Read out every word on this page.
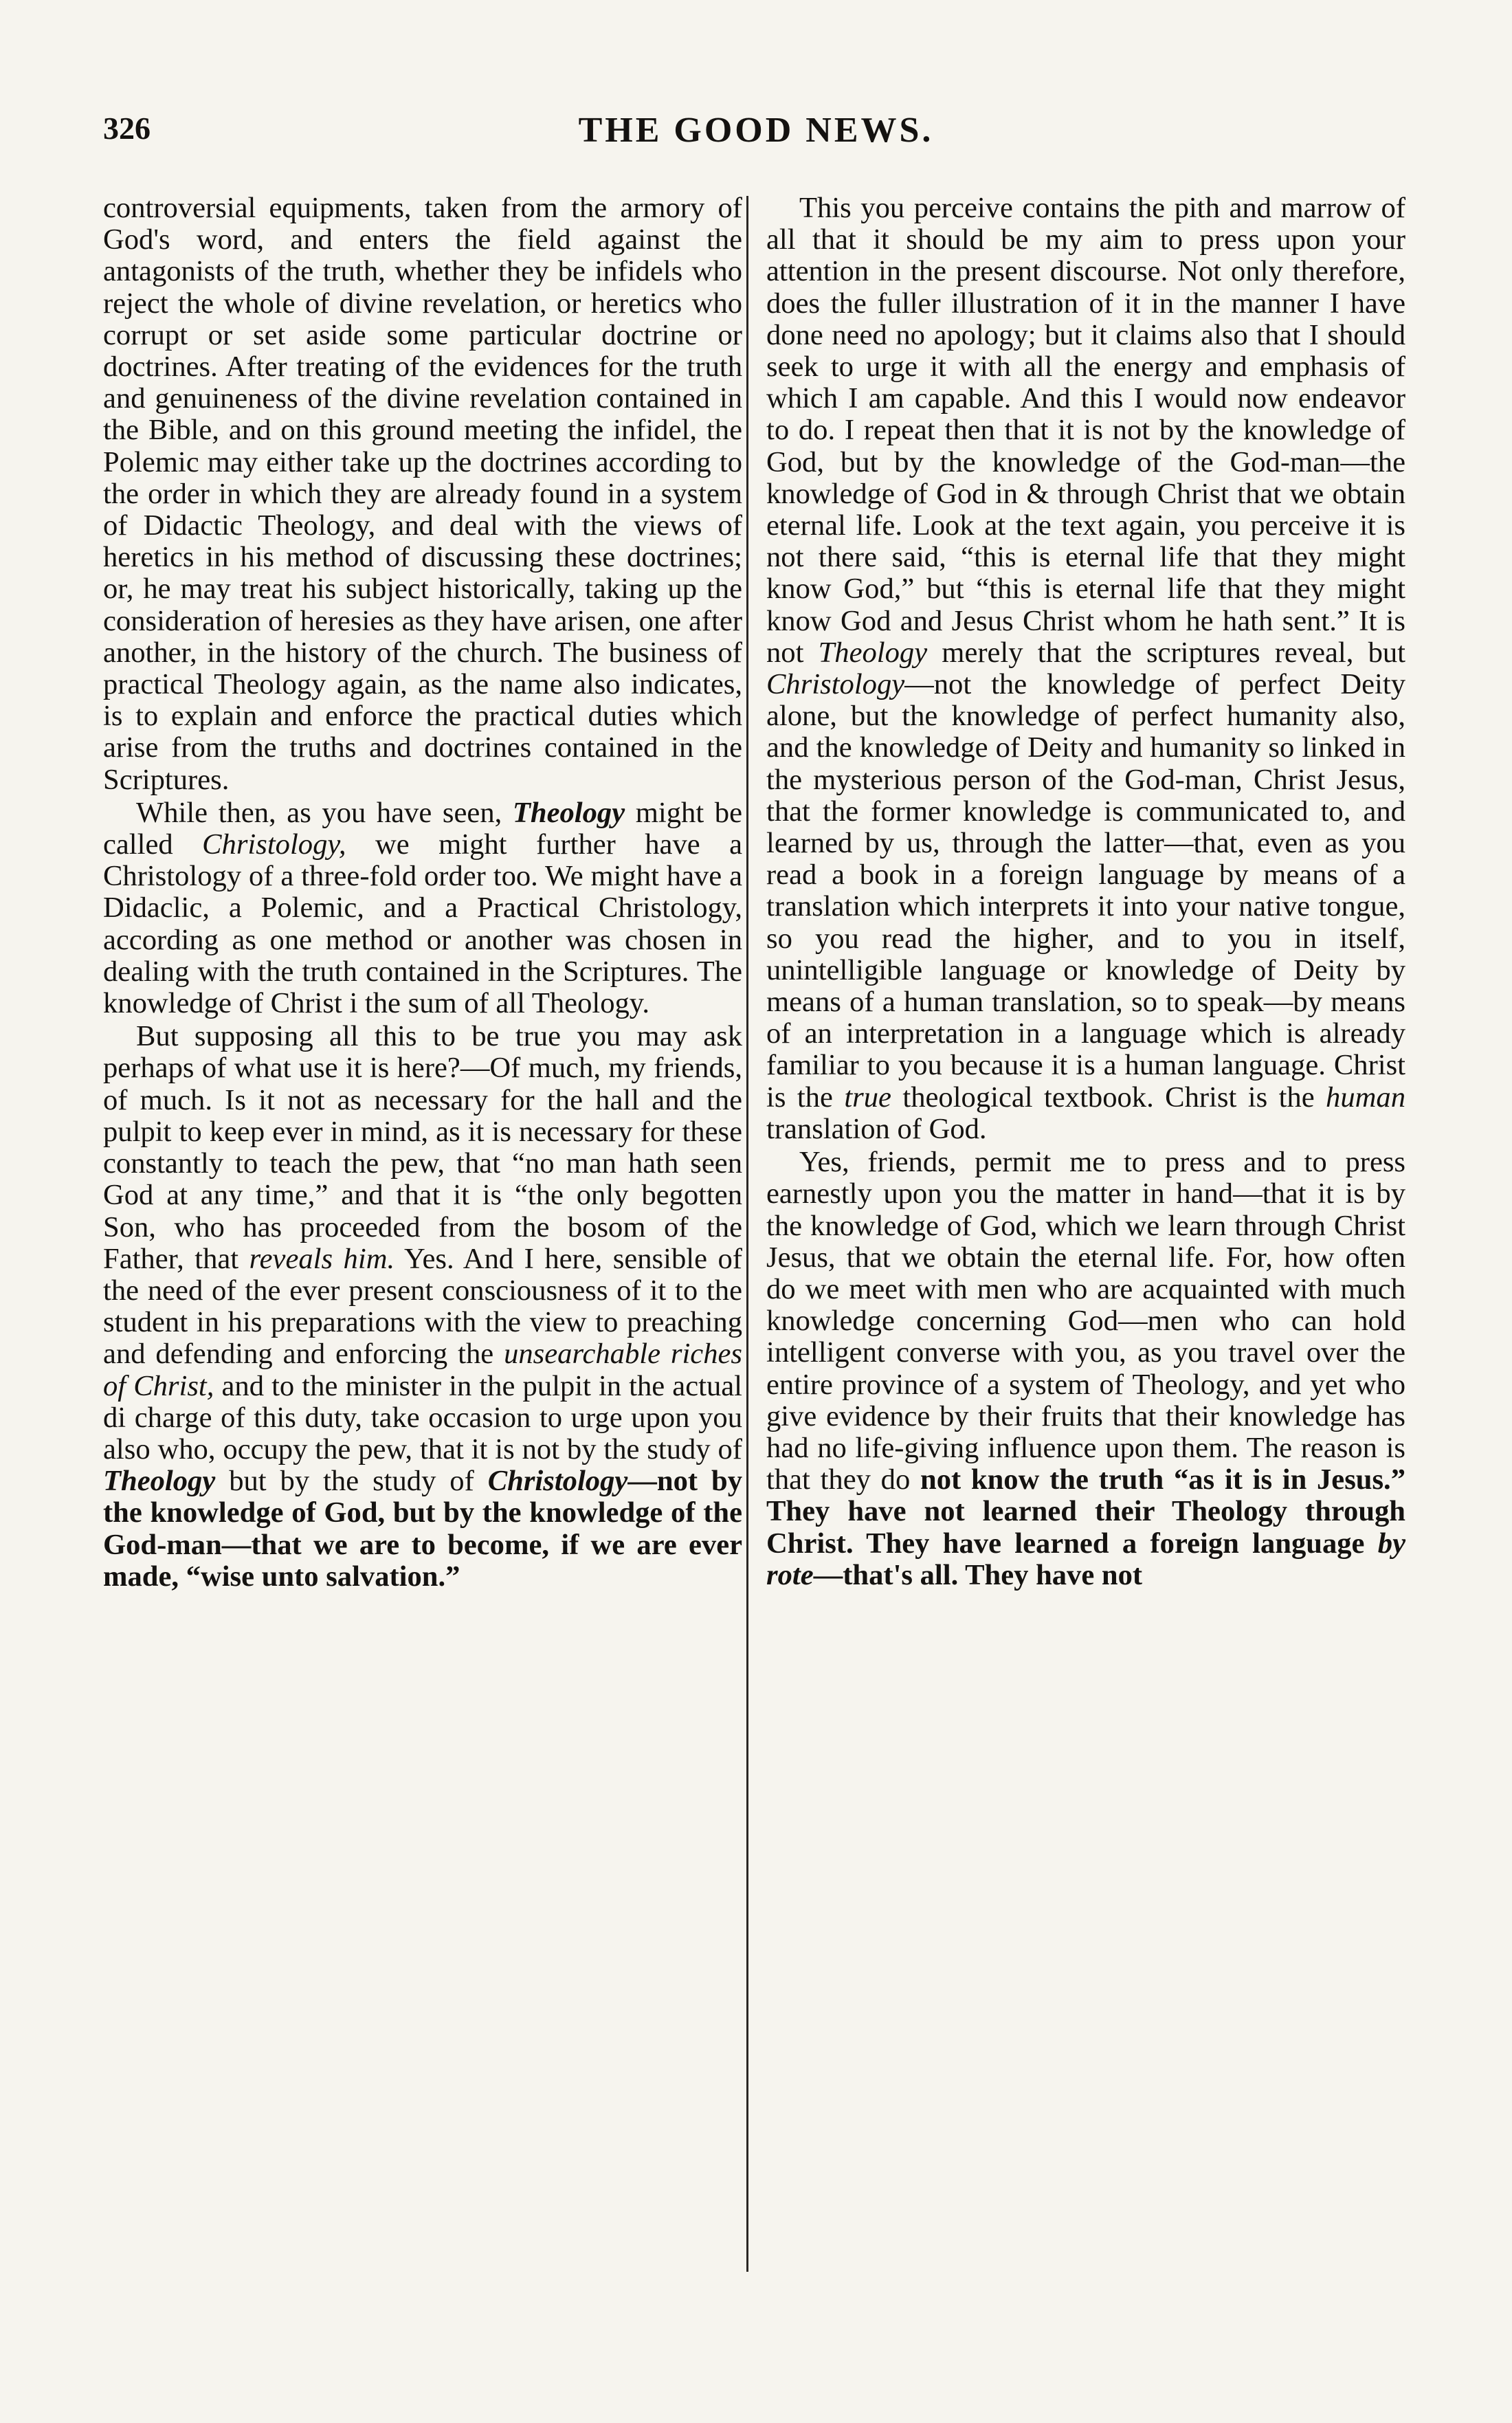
326	THE GOOD NEWS.

controversial equipments, taken from the armory of God's word, and enters the field against the antagonists of the truth, whether they be infidels who reject the whole of divine revelation, or heretics who corrupt or set aside some particular doctrine or doctrines. After treating of the evidences for the truth and genuineness of the divine revelation contained in the Bible, and on this ground meeting the infidel, the Polemic may either take up the doctrines according to the order in which they are already found in a system of Didactic Theology, and deal with the views of heretics in his method of discussing these doctrines; or, he may treat his subject historically, taking up the consideration of heresies as they have arisen, one after another, in the history of the church. The business of practical Theology again, as the name also indicates, is to explain and enforce the practical duties which arise from the truths and doctrines contained in the Scriptures.

While then, as you have seen, Theology might be called Christology, we might further have a Christology of a three-fold order too. We might have a Didaclic, a Polemic, and a Practical Christology, according as one method or another was chosen in dealing with the truth contained in the Scriptures. The knowledge of Christ i the sum of all Theology.

But supposing all this to be true you may ask perhaps of what use it is here?—Of much, my friends, of much. Is it not as necessary for the hall and the pulpit to keep ever in mind, as it is necessary for these constantly to teach the pew, that “no man hath seen God at any time,” and that it is “the only begotten Son, who has proceeded from the bosom of the Father, that reveals him. Yes. And I here, sensible of the need of the ever present consciousness of it to the student in his preparations with the view to preaching and defending and enforcing the unsearchable riches of Christ, and to the minister in the pulpit in the actual di charge of this duty, take occasion to urge upon you also who, occupy the pew, that it is not by the study of Theology but by the study of Christology—not by the knowledge of God, but by the knowledge of the God-man—that we are to become, if we are ever made, “wise unto salvation.”

This you perceive contains the pith and marrow of all that it should be my aim to press upon your attention in the present discourse. Not only therefore, does the fuller illustration of it in the manner I have done need no apology; but it claims also that I should seek to urge it with all the energy and emphasis of which I am capable. And this I would now endeavor to do. I repeat then that it is not by the knowledge of God, but by the knowledge of the God-man—the knowledge of God in & through Christ that we obtain eternal life. Look at the text again, you perceive it is not there said, “this is eternal life that they might know God,” but “this is eternal life that they might know God and Jesus Christ whom he hath sent.” It is not Theology merely that the scriptures reveal, but Christology—not the knowledge of perfect Deity alone, but the knowledge of perfect humanity also, and the knowledge of Deity and humanity so linked in the mysterious person of the God-man, Christ Jesus, that the former knowledge is communicated to, and learned by us, through the latter—that, even as you read a book in a foreign language by means of a translation which interprets it into your native tongue, so you read the higher, and to you in itself, unintelligible language or knowledge of Deity by means of a human translation, so to speak—by means of an interpretation in a language which is already familiar to you because it is a human language. Christ is the true theological textbook. Christ is the human translation of God.

Yes, friends, permit me to press and to press earnestly upon you the matter in hand—that it is by the knowledge of God, which we learn through Christ Jesus, that we obtain the eternal life. For, how often do we meet with men who are acquainted with much knowledge concerning God—men who can hold intelligent converse with you, as you travel over the entire province of a system of Theology, and yet who give evidence by their fruits that their knowledge has had no life-giving influence upon them. The reason is that they do not know the truth “as it is in Jesus.” They have not learned their Theology through Christ. They have learned a foreign language by rote—that's all. They have not
